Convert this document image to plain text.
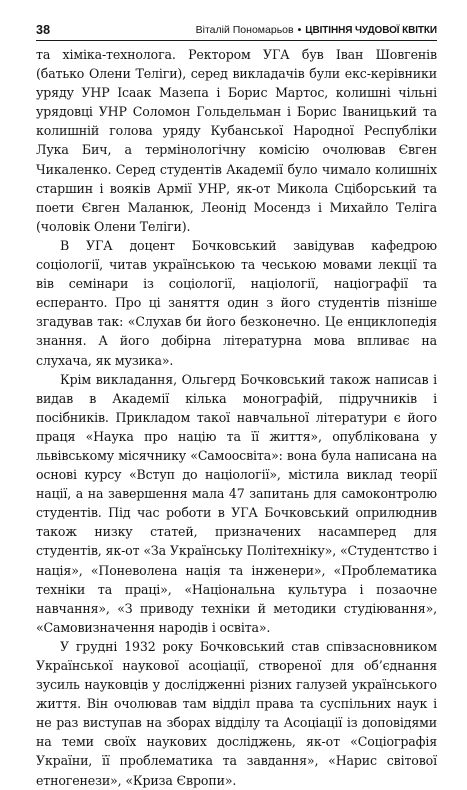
38	Віталій Пономарьов • ЦВІТІННЯ ЧУДОВОЇ КВІТКИ

та хіміка-технолога. Ректором УГА був Іван Шовгенів (батько Олени Теліги), серед викладачів були екс-керівники уряду УНР Ісаак Мазепа і Борис Мартос, колишні чільні урядовці УНР Соломон Гольдельман і Борис Іваницький та колишній голова уряду Кубанської Народної Республіки Лука Бич, а термінологічну комісію очолював Євген Чикаленко. Серед студентів Академії було чимало колишніх старшин і вояків Армії УНР, як-от Микола Сціборський та поети Євген Маланюк, Леонід Мосендз і Михайло Теліга (чоловік Олени Теліги).

В УГА доцент Бочковський завідував кафедрою соціології, читав українською та чеською мовами лекції та вів семінари із соціології, націології, націографії та есперанто. Про ці заняття один з його студентів пізніше згадував так: «Слухав би його безконечно. Це енциклопедія знання. А його добірна літературна мова впливає на слухача, як музика».

Крім викладання, Ольгерд Бочковський також написав і видав в Академії кілька монографій, підручників і посібників. Прикладом такої навчальної літератури є його праця «Наука про націю та її життя», опублікована у львівському місячнику «Самоосвіта»: вона була написана на основі курсу «Вступ до націології», містила виклад теорії нації, а на завершення мала 47 запитань для самоконтролю студентів. Під час роботи в УГА Бочковський оприлюднив також низку статей, призначених насамперед для студентів, як-от «За Українську Політехніку», «Студентство і нація», «Поневолена нація та інженери», «Проблематика техніки та праці», «Національна культура і позаочне навчання», «З приводу техніки й методики студіювання», «Самовизначення народів і освіта».

У грудні 1932 року Бочковський став співзасновником Української наукової асоціації, створеної для об’єднання зусиль науковців у дослідженні різних галузей українського життя. Він очолював там відділ права та суспільних наук і не раз виступав на зборах відділу та Асоціації із доповідями на теми своїх наукових досліджень, як-от «Соціографія України, її проблематика та завдання», «Нарис світової етногенези», «Криза Європи».
